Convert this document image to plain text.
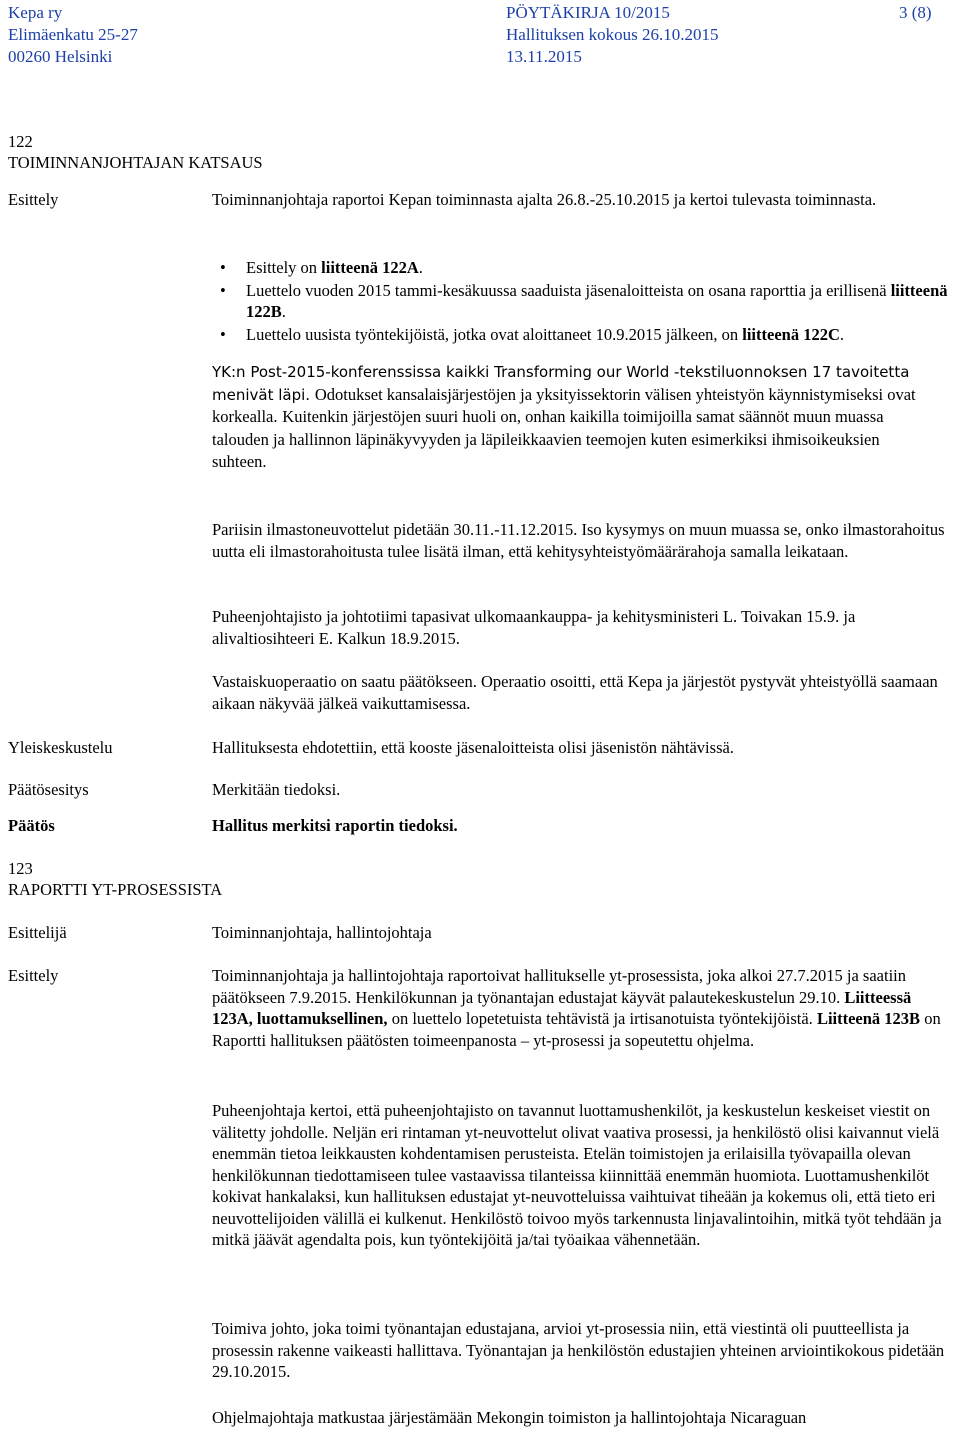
Kepa ry
Elimäenkatu 25-27
00260 Helsinki
PÖYTÄKIRJA 10/2015
Hallituksen kokous 26.10.2015
13.11.2015
3 (8)
122
TOIMINNANJOHTAJAN KATSAUS
Esittely	Toiminnanjohtaja raportoi Kepan toiminnasta ajalta 26.8.-25.10.2015 ja kertoi tulevasta toiminnasta.
• Esittely on liitteenä 122A.
• Luettelo vuoden 2015 tammi-kesäkuussa saaduista jäsenaloitteista on osana raporttia ja erillisenä liitteenä 122B.
• Luettelo uusista työntekijöistä, jotka ovat aloittaneet 10.9.2015 jälkeen, on liitteenä 122C.
YK:n Post-2015-konferenssissa kaikki Transforming our World -tekstiluonnoksen 17 tavoitetta menivät läpi. Odotukset kansalaisjärjestöjen ja yksityissektorin välisen yhteistyön käynnistymiseksi ovat korkealla. Kuitenkin järjestöjen suuri huoli on, onhan kaikilla toimijoilla samat säännöt muun muassa talouden ja hallinnon läpinäkyvyyden ja läpileikkaavien teemojen kuten esimerkiksi ihmisoikeuksien suhteen.
Pariisin ilmastoneuvottelut pidetään 30.11.-11.12.2015. Iso kysymys on muun muassa se, onko ilmastorahoitus uutta eli ilmastorahoitusta tulee lisätä ilman, että kehitysyhteistyömäärärahoja samalla leikataan.
Puheenjohtajisto ja johtotiimi tapasivat ulkomaankauppa- ja kehitysministeri L. Toivakan 15.9. ja alivaltiosihteeri E. Kalkun 18.9.2015.
Vastaiskuoperaatio on saatu päätökseen. Operaatio osoitti, että Kepa ja järjestöt pystyvät yhteistyöllä saamaan aikaan näkyvää jälkeä vaikuttamisessa.
Yleiskeskustelu	Hallituksesta ehdotettiin, että kooste jäsenaloitteista olisi jäsenistön nähtävissä.
Päätösesitys	Merkitään tiedoksi.
Päätös	Hallitus merkitsi raportin tiedoksi.
123
RAPORTTI YT-PROSESSISTA
Esittelijä	Toiminnanjohtaja, hallintojohtaja
Esittely	Toiminnanjohtaja ja hallintojohtaja raportoivat hallitukselle yt-prosessista, joka alkoi 27.7.2015 ja saatiin päätökseen 7.9.2015. Henkilökunnan ja työnantajan edustajat käyvät palautekeskustelun 29.10. Liitteessä 123A, luottamuksellinen, on luettelo lopetetuista tehtävistä ja irtisanotuista työntekijöistä. Liitteenä 123B on Raportti hallituksen päätösten toimeenpanosta – yt-prosessi ja sopeutettu ohjelma.
Puheenjohtaja kertoi, että puheenjohtajisto on tavannut luottamushenkilöt, ja keskustelun keskeiset viestit on välitetty johdolle. Neljän eri rintaman yt-neuvottelut olivat vaativa prosessi, ja henkilöstö olisi kaivannut vielä enemmän tietoa leikkausten kohdentamisen perusteista. Etelän toimistojen ja erilaisilla työvapailla olevan henkilökunnan tiedottamiseen tulee vastaavissa tilanteissa kiinnittää enemmän huomiota. Luottamushenkilöt kokivat hankalaksi, kun hallituksen edustajat yt-neuvotteluissa vaihtuivat tiheään ja kokemus oli, että tieto eri neuvottelijoiden välillä ei kulkenut. Henkilöstö toivoo myös tarkennusta linjavalintoihin, mitkä työt tehdään ja mitkä jäävät agendalta pois, kun työntekijöitä ja/tai työaikaa vähennetään.
Toimiva johto, joka toimi työnantajan edustajana, arvioi yt-prosessia niin, että viestintä oli puutteellista ja prosessin rakenne vaikeasti hallittava. Työnantajan ja henkilöstön edustajien yhteinen arviointikokous pidetään 29.10.2015.
Ohjelmajohtaja matkustaa järjestämään Mekongin toimiston ja hallintojohtaja Nicaraguan
